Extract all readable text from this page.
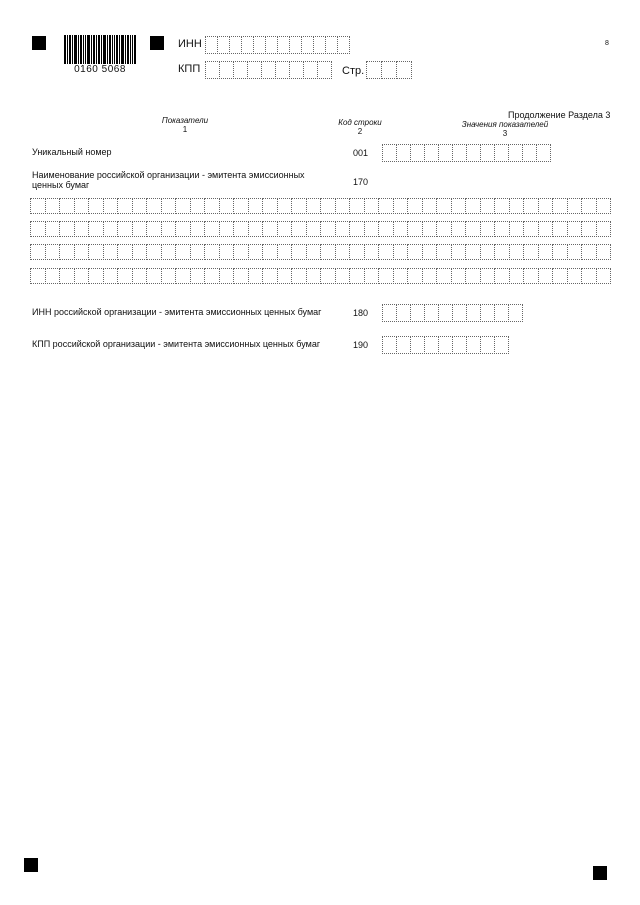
0160 5068
ИНН
КПП	Стр.
8
Продолжение Раздела 3
Показатели
1
Код строки
2
Значения показателей
3
Уникальный номер	001
Наименование российской организации - эмитента эмиссионных ценных бумаг	170
ИНН российской организации - эмитента эмиссионных ценных бумаг	180
КПП российской организации - эмитента эмиссионных ценных бумаг	190
